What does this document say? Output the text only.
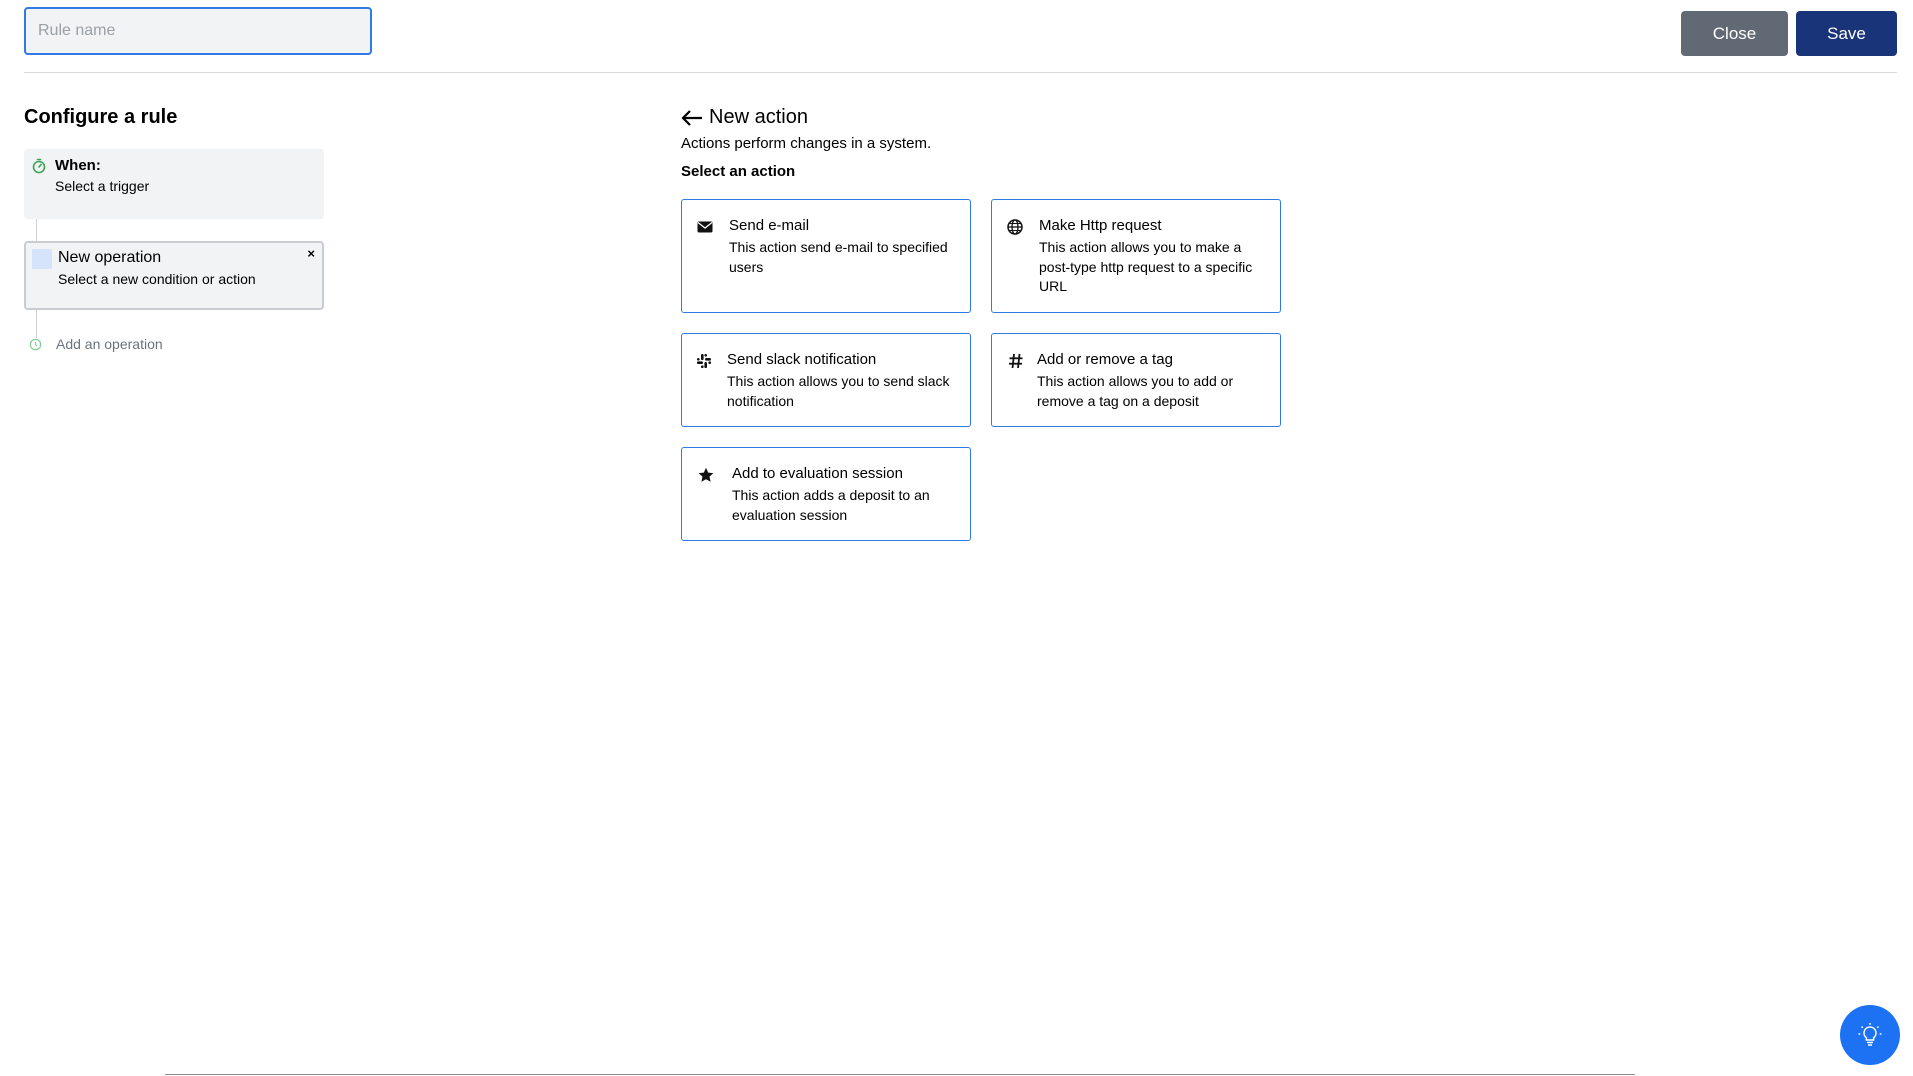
Rule name
Close	Save
Configure a rule
When:
Select a trigger
New operation
Select a new condition or action
×
Add an operation
New action
Actions perform changes in a system.
Select an action
Send e-mail
This action send e-mail to specified users
Make Http request
This action allows you to make a post-type http request to a specific URL
Send slack notification
This action allows you to send slack notification
Add or remove a tag
This action allows you to add or remove a tag on a deposit
Add to evaluation session
This action adds a deposit to an evaluation session
